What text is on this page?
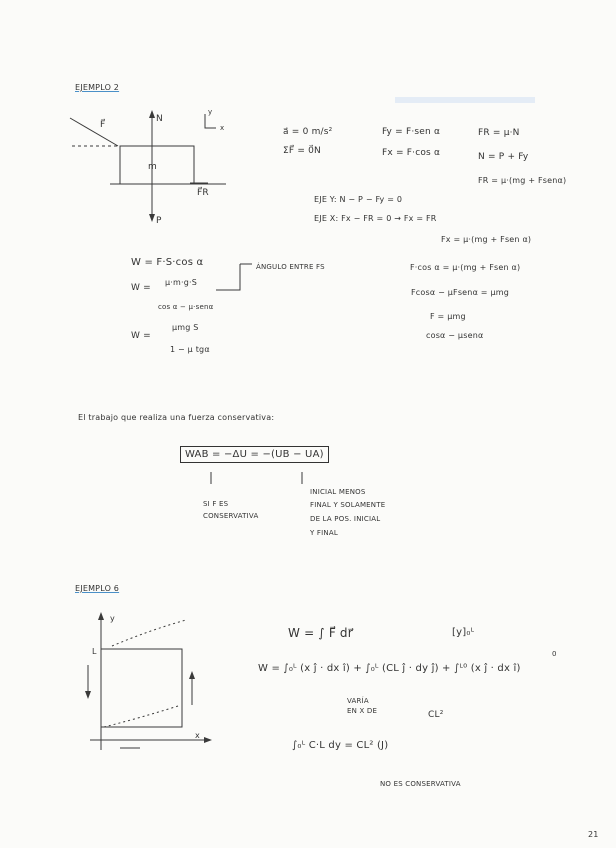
EJEMPLO 2
F⃗
N
m
P
F⃗R
y
x	a⃗ = 0 m/s²
ΣF⃗ = 0⃗N
Fy = F·sen α
Fx = F·cos α
FR = μ·N
N = P + Fy
FR = μ·(mg + Fsenα)
EJE Y: N − P − Fy = 0
EJE X: Fx − FR = 0 → Fx = FR
Fx = μ·(mg + Fsen α)
W = F·S·cos α	ÁNGULO ENTRE FS
W =
μ·m·g·S
cos α − μ·senα
W =
μmg S
1 − μ tgα
F·cos α = μ·(mg + Fsen α)
Fcosα − μFsenα = μmg
F = μmg
cosα − μsenα
El trabajo que realiza una fuerza conservativa:
WAB = −ΔU = −(UB − UA)
SI F ES
CONSERVATIVA
INICIAL MENOS
FINAL Y SOLAMENTE
DE LA POS. INICIAL
Y FINAL
EJEMPLO 6
y
x
L
W = ∫ F⃗ dr⃗	[y]₀ᴸ
W = ∫₀ᴸ (x ĵ · dx î) + ∫₀ᴸ (CL ĵ · dy ĵ) + ∫ᴸ⁰ (x ĵ · dx î)
0
VARÍA
EN X DE	CL²
∫₀ᴸ C·L dy = CL² (J)
NO ES CONSERVATIVA
21
